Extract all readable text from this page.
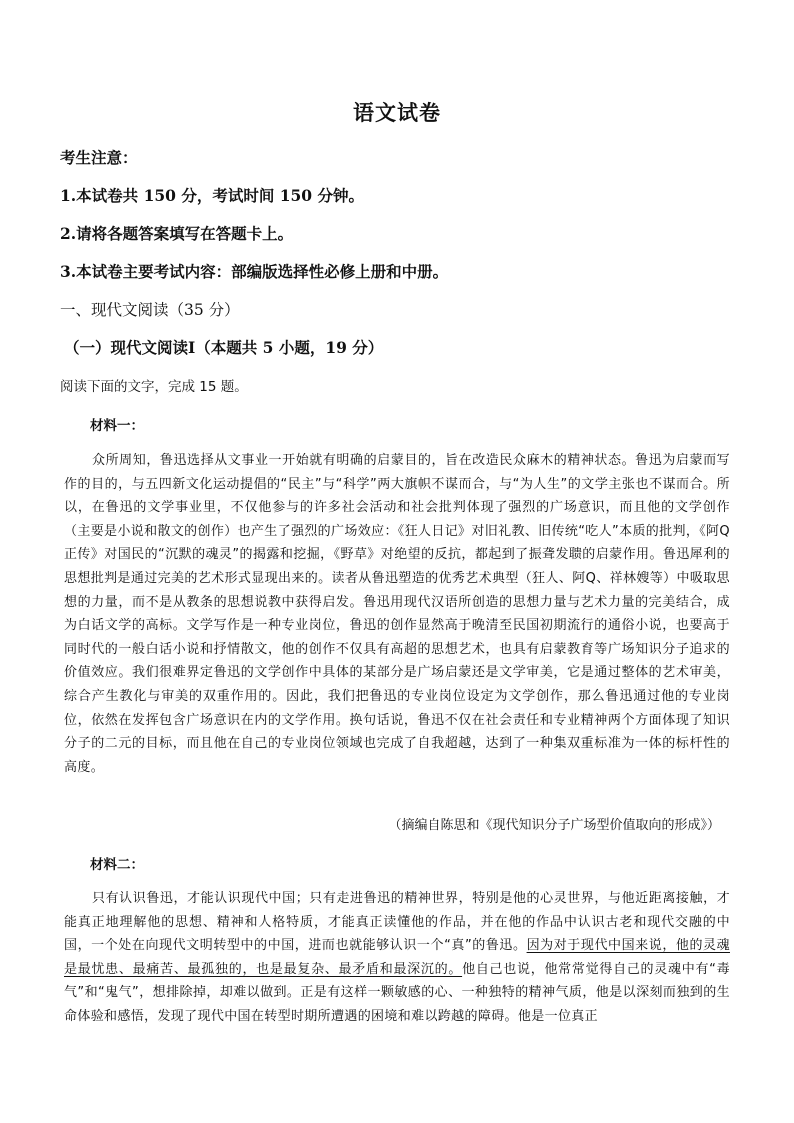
语文试卷
考生注意：
1.本试卷共 150 分，考试时间 150 分钟。
2.请将各题答案填写在答题卡上。
3.本试卷主要考试内容：部编版选择性必修上册和中册。
一、现代文阅读（35 分）
（一）现代文阅读Ⅰ（本题共 5 小题，19 分）
阅读下面的文字，完成 15 题。
材料一：
众所周知，鲁迅选择从文事业一开始就有明确的启蒙目的，旨在改造民众麻木的精神状态。鲁迅为启蒙而写作的目的，与五四新文化运动提倡的“民主”与“科学”两大旗帜不谋而合，与“为人生”的文学主张也不谋而合。所以，在鲁迅的文学事业里，不仅他参与的许多社会活动和社会批判体现了强烈的广场意识，而且他的文学创作（主要是小说和散文的创作）也产生了强烈的广场效应：《狂人日记》对旧礼教、旧传统“吃人”本质的批判，《阿Q正传》对国民的“沉默的魂灵”的揭露和挖掘，《野草》对绝望的反抗，都起到了振聋发聩的启蒙作用。鲁迅犀利的思想批判是通过完美的艺术形式显现出来的。读者从鲁迅塑造的优秀艺术典型（狂人、阿Q、祥林嫂等）中吸取思想的力量，而不是从教条的思想说教中获得启发。鲁迅用现代汉语所创造的思想力量与艺术力量的完美结合，成为白话文学的高标。文学写作是一种专业岗位，鲁迅的创作显然高于晚清至民国初期流行的通俗小说，也要高于同时代的一般白话小说和抒情散文，他的创作不仅具有高超的思想艺术，也具有启蒙教育等广场知识分子追求的价值效应。我们很难界定鲁迅的文学创作中具体的某部分是广场启蒙还是文学审美，它是通过整体的艺术审美，综合产生教化与审美的双重作用的。因此，我们把鲁迅的专业岗位设定为文学创作，那么鲁迅通过他的专业岗位，依然在发挥包含广场意识在内的文学作用。换句话说，鲁迅不仅在社会责任和专业精神两个方面体现了知识分子的二元的目标，而且他在自己的专业岗位领域也完成了自我超越，达到了一种集双重标准为一体的标杆性的高度。
（摘编自陈思和《现代知识分子广场型价值取向的形成》）
材料二：
只有认识鲁迅，才能认识现代中国；只有走进鲁迅的精神世界，特别是他的心灵世界，与他近距离接触，才能真正地理解他的思想、精神和人格特质，才能真正读懂他的作品，并在他的作品中认识古老和现代交融的中国，一个处在向现代文明转型中的中国，进而也就能够认识一个“真”的鲁迅。因为对于现代中国来说，他的灵魂是最忧患、最痛苦、最孤独的，也是最复杂、最矛盾和最深沉的。他自己也说，他常常觉得自己的灵魂中有“毒气”和“鬼气”，想排除掉，却难以做到。正是有这样一颗敏感的心、一种独特的精神气质，他是以深刻而独到的生命体验和感悟，发现了现代中国在转型时期所遭遇的困境和难以跨越的障碍。他是一位真正
